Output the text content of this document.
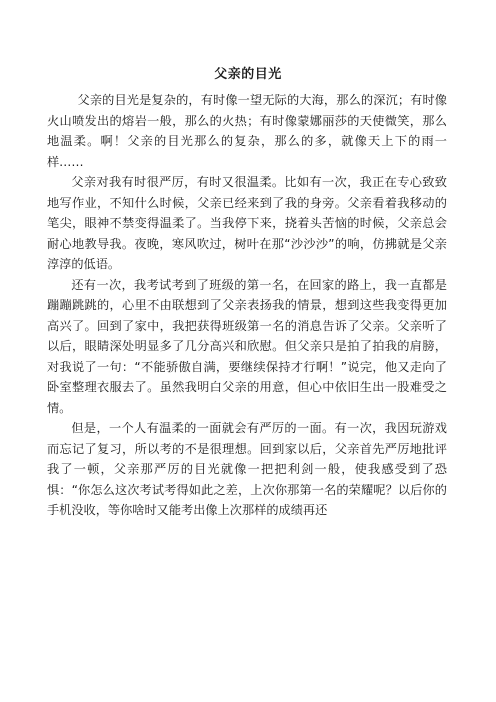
父亲的目光

父亲的目光是复杂的，有时像一望无际的大海，那么的深沉；有时像火山喷发出的熔岩一般，那么的火热；有时像蒙娜丽莎的天使微笑，那么地温柔。啊！父亲的目光那么的复杂，那么的多，就像天上下的雨一样……

父亲对我有时很严厉，有时又很温柔。比如有一次，我正在专心致致地写作业，不知什么时候，父亲已经来到了我的身旁。父亲看着我移动的笔尖，眼神不禁变得温柔了。当我停下来，挠着头苦恼的时候，父亲总会耐心地教导我。夜晚，寒风吹过，树叶在那“沙沙沙”的响，仿拂就是父亲淳淳的低语。

还有一次，我考试考到了班级的第一名，在回家的路上，我一直都是蹦蹦跳跳的，心里不由联想到了父亲表扬我的情景，想到这些我变得更加高兴了。回到了家中，我把获得班级第一名的消息告诉了父亲。父亲听了以后，眼睛深处明显多了几分高兴和欣慰。但父亲只是拍了拍我的肩膀，对我说了一句：“不能骄傲自满，要继续保持才行啊！”说完，他又走向了卧室整理衣服去了。虽然我明白父亲的用意，但心中依旧生出一股难受之情。

但是，一个人有温柔的一面就会有严厉的一面。有一次，我因玩游戏而忘记了复习，所以考的不是很理想。回到家以后，父亲首先严厉地批评我了一顿，父亲那严厉的目光就像一把把利剑一般，使我感受到了恐惧：“你怎么这次考试考得如此之差，上次你那第一名的荣耀呢？以后你的手机没收，等你啥时又能考出像上次那样的成绩再还
